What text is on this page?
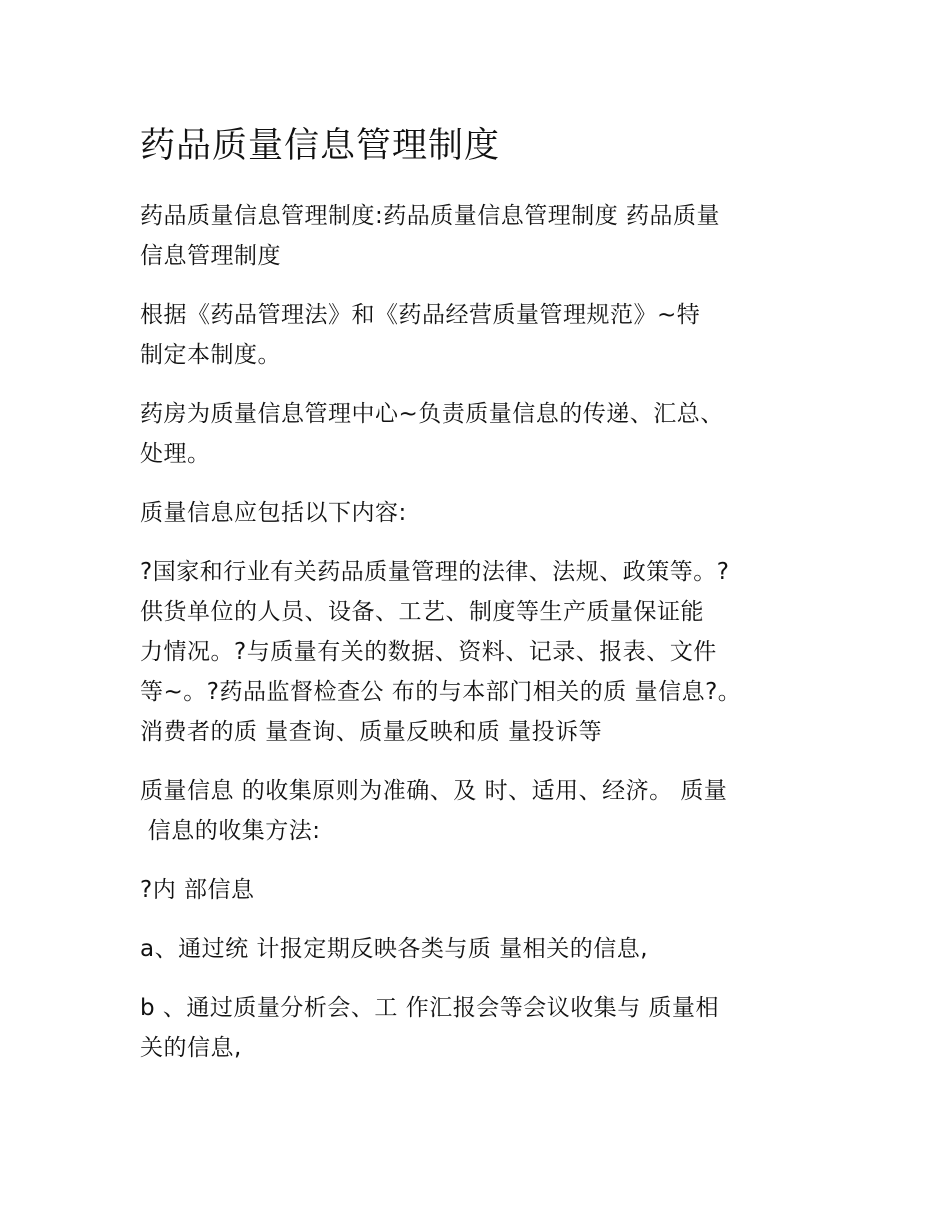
药品质量信息管理制度
药品质量信息管理制度:药品质量信息管理制度 药品质量
信息管理制度
根据《药品管理法》和《药品经营质量管理规范》~特
制定本制度。
药房为质量信息管理中心~负责质量信息的传递、汇总、
处理。
质量信息应包括以下内容:
?国家和行业有关药品质量管理的法律、法规、政策等。?
供货单位的人员、设备、工艺、制度等生产质量保证能
力情况。?与质量有关的数据、资料、记录、报表、文件
等~。?药品监督检查公 布的与本部门相关的质 量信息?。
消费者的质 量查询、质量反映和质 量投诉等
质量信息 的收集原则为准确、及 时、适用、经济。 质量
信息的收集方法:
?内 部信息
a、通过统 计报定期反映各类与质 量相关的信息,
b 、通过质量分析会、工 作汇报会等会议收集与 质量相
关的信息,
